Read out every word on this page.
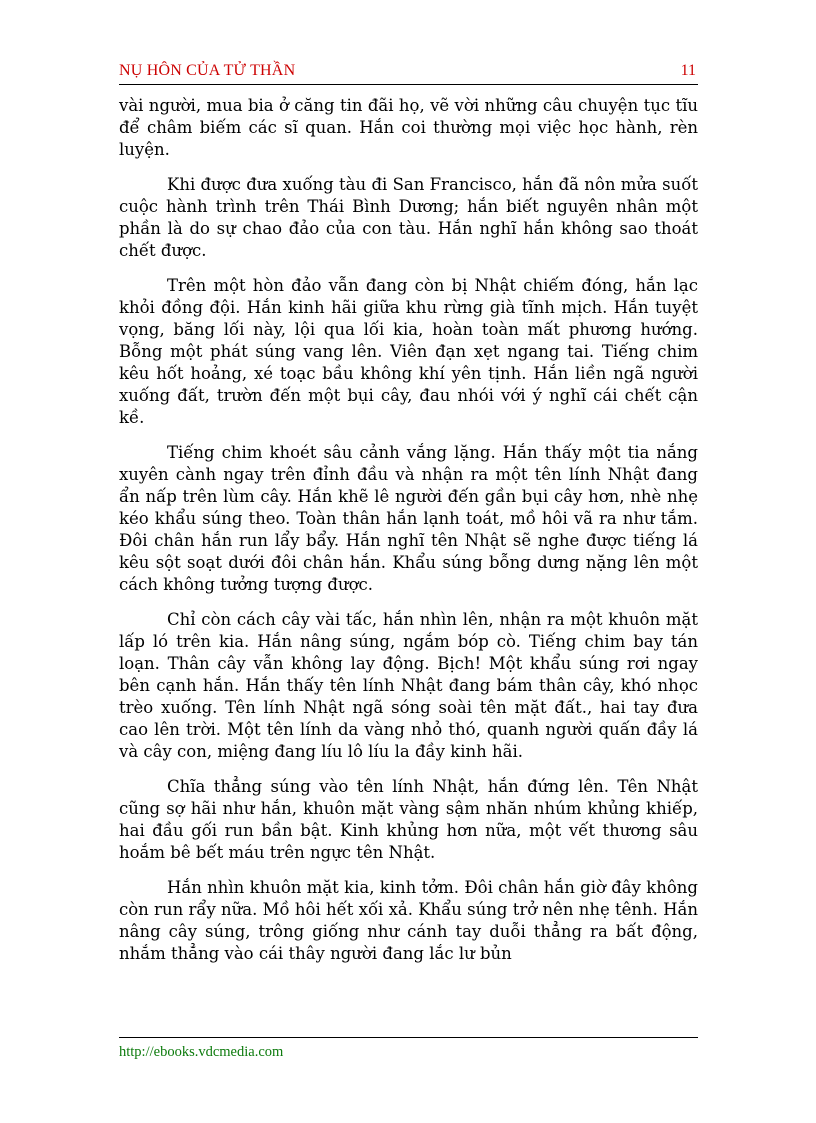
NỤ HÔN CỦA TỬ THẦN	11

vài người, mua bia ở căng tin đãi họ, vẽ vời những câu chuyện tục tĩu để châm biếm các sĩ quan. Hắn coi thường mọi việc học hành, rèn luyện.

Khi được đưa xuống tàu đi San Francisco, hắn đã nôn mửa suốt cuộc hành trình trên Thái Bình Dương; hắn biết nguyên nhân một phần là do sự chao đảo của con tàu. Hắn nghĩ hắn không sao thoát chết được.

Trên một hòn đảo vẫn đang còn bị Nhật chiếm đóng, hắn lạc khỏi đồng đội. Hắn kinh hãi giữa khu rừng già tĩnh mịch. Hắn tuyệt vọng, băng lối này, lội qua lối kia, hoàn toàn mất phương hướng. Bỗng một phát súng vang lên. Viên đạn xẹt ngang tai. Tiếng chim kêu hốt hoảng, xé toạc bầu không khí yên tịnh. Hắn liền ngã người xuống đất, trườn đến một bụi cây, đau nhói với ý nghĩ cái chết cận kề.

Tiếng chim khoét sâu cảnh vắng lặng. Hắn thấy một tia nắng xuyên cành ngay trên đỉnh đầu và nhận ra một tên lính Nhật đang ẩn nấp trên lùm cây. Hắn khẽ lê người đến gần bụi cây hơn, nhè nhẹ kéo khẩu súng theo. Toàn thân hắn lạnh toát, mồ hôi vã ra như tắm. Đôi chân hắn run lẩy bẩy. Hắn nghĩ tên Nhật sẽ nghe được tiếng lá kêu sột soạt dưới đôi chân hắn. Khẩu súng bỗng dưng nặng lên một cách không tưởng tượng được.

Chỉ còn cách cây vài tấc, hắn nhìn lên, nhận ra một khuôn mặt lấp ló trên kia. Hắn nâng súng, ngắm bóp cò. Tiếng chim bay tán loạn. Thân cây vẫn không lay động. Bịch! Một khẩu súng rơi ngay bên cạnh hắn. Hắn thấy tên lính Nhật đang bám thân cây, khó nhọc trèo xuống. Tên lính Nhật ngã sóng soài tên mặt đất., hai tay đưa cao lên trời. Một tên lính da vàng nhỏ thó, quanh người quấn đầy lá và cây con, miệng đang líu lô líu la đầy kinh hãi.

Chĩa thẳng súng vào tên lính Nhật, hắn đứng lên. Tên Nhật cũng sợ hãi như hắn, khuôn mặt vàng sậm nhăn nhúm khủng khiếp, hai đầu gối run bần bật. Kinh khủng hơn nữa, một vết thương sâu hoắm bê bết máu trên ngực tên Nhật.

Hắn nhìn khuôn mặt kia, kinh tởm. Đôi chân hắn giờ đây không còn run rẩy nữa. Mồ hôi hết xối xả. Khẩu súng trở nên nhẹ tênh. Hắn nâng cây súng, trông giống như cánh tay duỗi thẳng ra bất động, nhắm thẳng vào cái thây người đang lắc lư bủn

http://ebooks.vdcmedia.com
